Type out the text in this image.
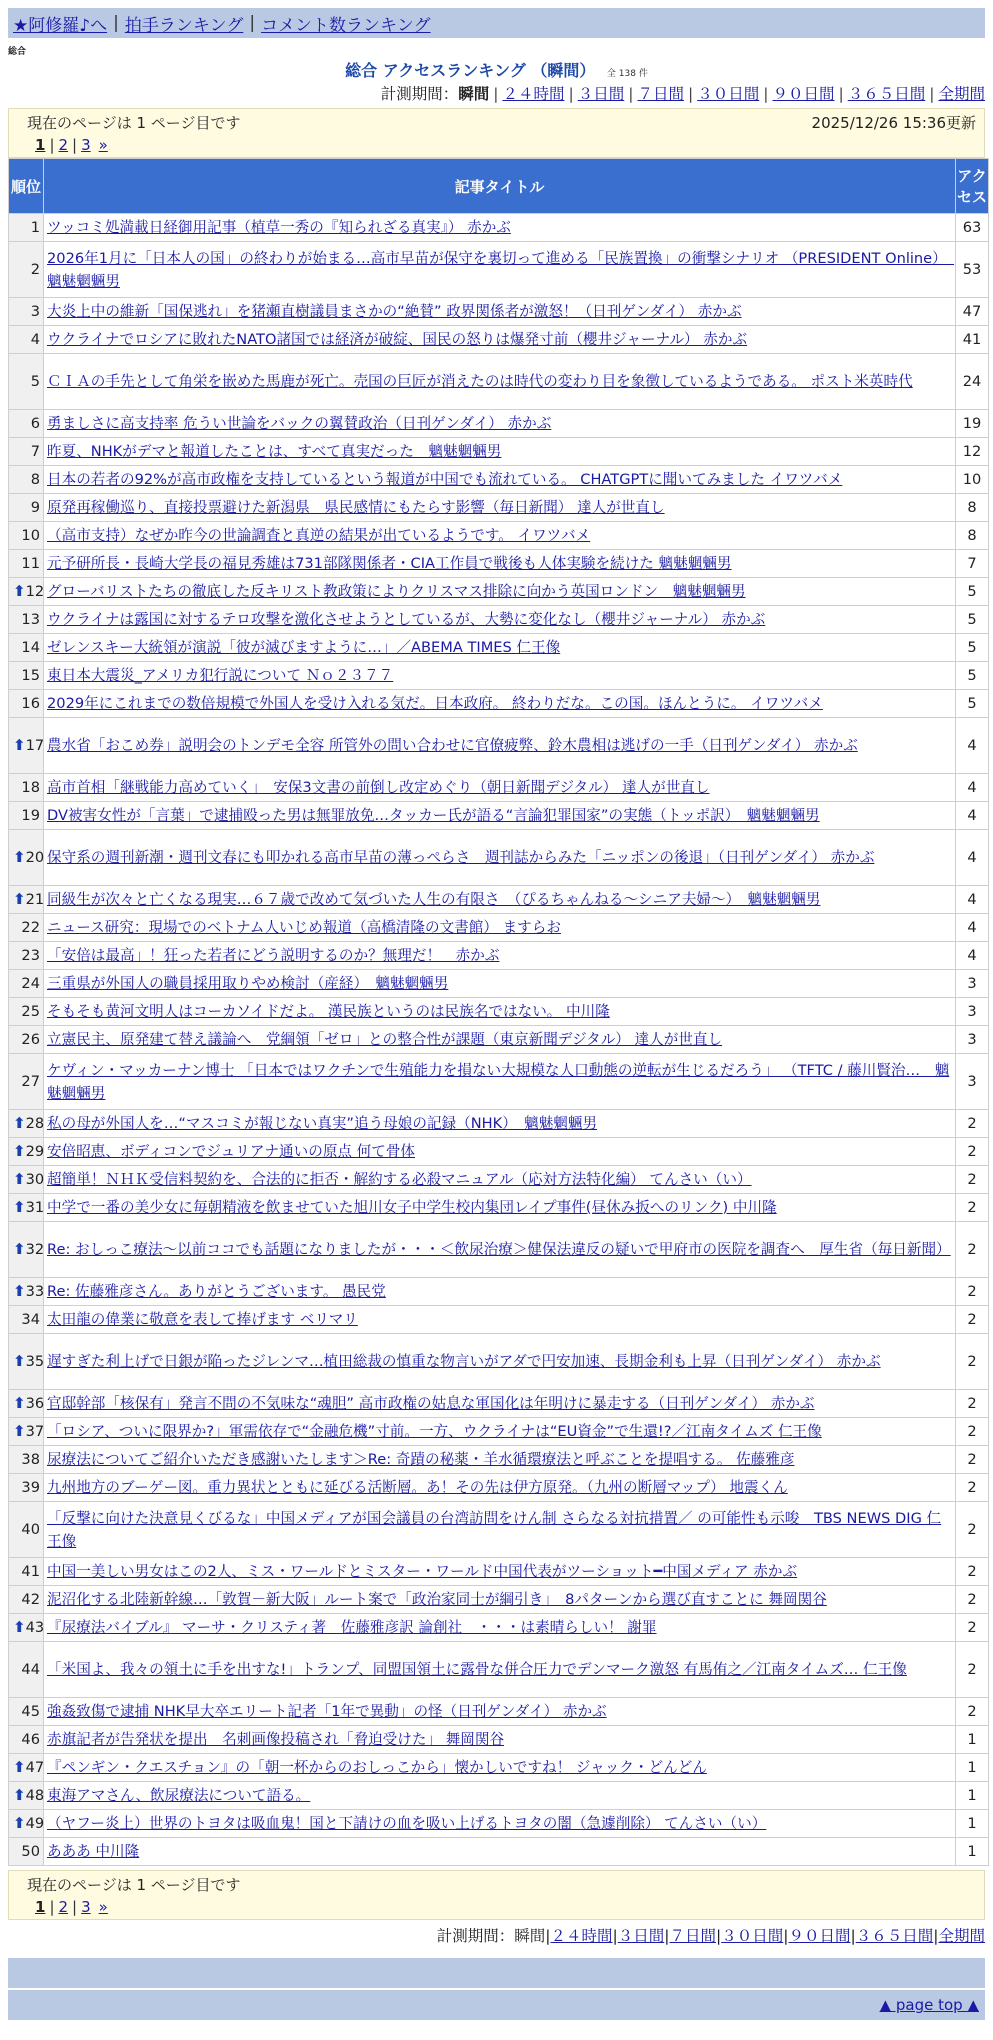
★阿修羅♪へ | 拍手ランキング | コメント数ランキング
総合
総合 アクセスランキング （瞬間） 全 138 件
計測期間：瞬間 | ２４時間 | ３日間 | ７日間 | ３０日間 | ９０日間 | ３６５日間 | 全期間
現在のページは 1 ページ目です	2025/12/26 15:36更新
1 | 2 | 3 »
順位	記事タイトル	アクセス
1	ツッコミ処満載日経御用記事（植草一秀の『知られざる真実』） 赤かぶ	63
2	2026年1月に「日本人の国」の終わりが始まる…高市早苗が保守を裏切って進める「民族置換」の衝撃シナリオ （PRESIDENT Online）　魑魅魍魎男	53
3	大炎上中の維新「国保逃れ」を猪瀬直樹議員まさかの“絶賛” 政界関係者が激怒！（日刊ゲンダイ） 赤かぶ	47
4	ウクライナでロシアに敗れたNATO諸国では経済が破綻、国民の怒りは爆発寸前（櫻井ジャーナル） 赤かぶ	41
5	ＣＩＡの手先として角栄を嵌めた馬鹿が死亡。売国の巨匠が消えたのは時代の変わり目を象徴しているようである。 ポスト米英時代	24
6	勇ましさに高支持率 危うい世論をバックの翼賛政治（日刊ゲンダイ） 赤かぶ	19
7	昨夏、NHKがデマと報道したことは、すべて真実だった　魑魅魍魎男	12
8	日本の若者の92%が高市政権を支持しているという報道が中国でも流れている。 CHATGPTに聞いてみました イワツバメ	10
9	原発再稼働巡り、直接投票避けた新潟県　県民感情にもたらす影響（毎日新聞） 達人が世直し	8
10	（高市支持）なぜか昨今の世論調査と真逆の結果が出ているようです。 イワツバメ	8
11	元予研所長・長崎大学長の福見秀雄は731部隊関係者・CIA工作員で戦後も人体実験を続けた 魑魅魍魎男	7

⬆ 12	グローバリストたちの徹底した反キリスト教政策によりクリスマス排除に向かう英国ロンドン　魑魅魍魎男	5
13	ウクライナは露国に対するテロ攻撃を激化させようとしているが、大勢に変化なし（櫻井ジャーナル） 赤かぶ	5
14	ゼレンスキー大統領が演説「彼が滅びますように…」／ABEMA TIMES 仁王像	5
15	東日本大震災_アメリカ犯行説について Ｎｏ２３７７	5
16	2029年にこれまでの数倍規模で外国人を受け入れる気だ。日本政府。 終わりだな。この国。ほんとうに。 イワツバメ	5

⬆ 17	農水省「おこめ券」説明会のトンデモ全容 所管外の問い合わせに官僚疲弊、鈴木農相は逃げの一手（日刊ゲンダイ） 赤かぶ	4
18	高市首相「継戦能力高めていく」　安保3文書の前倒し改定めぐり（朝日新聞デジタル） 達人が世直し	4
19	DV被害女性が「言葉」で逮捕殴った男は無罪放免…タッカー氏が語る“言論犯罪国家”の実態（トッポ訳）　魑魅魍魎男	4

⬆ 20	保守系の週刊新潮・週刊文春にも叩かれる高市早苗の薄っぺらさ　週刊誌からみた「ニッポンの後退」（日刊ゲンダイ） 赤かぶ	4

⬆ 21	同級生が次々と亡くなる現実…６７歳で改めて気づいた人生の有限さ　（ぴるちゃんねる～シニア夫婦～）　魑魅魍魎男	4
22	ニュース研究：現場でのベトナム人いじめ報道（高橋清隆の文書館） ますらお	4
23	「安倍は最高」！狂った若者にどう説明するのか？無理だ！　赤かぶ	4
24	三重県が外国人の職員採用取りやめ検討（産経）　魑魅魍魎男	3
25	そもそも黄河文明人はコーカソイドだよ。 漢民族というのは民族名ではない。 中川隆	3
26	立憲民主、原発建て替え議論へ　党綱領「ゼロ」との整合性が課題（東京新聞デジタル） 達人が世直し	3
27	ケヴィン・マッカーナン博士 「日本ではワクチンで生殖能力を損ない大規模な人口動態の逆転が生じるだろう」 （TFTC / 藤川賢治…　魑魅魍魎男	3

⬆ 28	私の母が外国人を…“マスコミが報じない真実”追う母娘の記録（NHK）　魑魅魍魎男	2

⬆ 29	安倍昭恵、ボディコンでジュリアナ通いの原点 何て骨体	2

⬆ 30	超簡単！ＮＨＫ受信料契約を、合法的に拒否・解約する必殺マニュアル（応対方法特化編） てんさい（い）	2

⬆ 31	中学で一番の美少女に毎朝精液を飲ませていた旭川女子中学生校内集団レイプ事件(昼休み扳へのリンク) 中川隆	2

⬆ 32	Re: おしっこ療法～以前ココでも話題になりましたが・・・＜飲尿治療＞健保法違反の疑いで甲府市の医院を調査へ　厚生省（毎日新聞）	2

⬆ 33	Re: 佐藤雅彦さん。ありがとうございます。 愚民党	2
34	太田龍の偉業に敬意を表して捧げます ベリマリ	2

⬆ 35	遅すぎた利上げで日銀が陥ったジレンマ…植田総裁の慎重な物言いがアダで円安加速、長期金利も上昇（日刊ゲンダイ） 赤かぶ	2

⬆ 36	官邸幹部「核保有」発言不問の不気味な“魂胆” 高市政権の姑息な軍国化は年明けに暴走する（日刊ゲンダイ） 赤かぶ	2

⬆ 37	「ロシア、ついに限界か?」軍需依存で“金融危機”寸前。一方、ウクライナは“EU資金”で生還!?／江南タイムズ 仁王像	2
38	尿療法についてご紹介いただき感謝いたします＞Re: 奇蹟の秘薬・羊水循環療法と呼ぶことを提唱する。 佐藤雅彦	2
39	九州地方のブーゲー図。重力異状とともに延びる活断層。あ！その先は伊方原発。（九州の断層マップ） 地震くん	2
40	「反撃に向けた決意見くびるな」中国メディアが国会議員の台湾訪問をけん制 さらなる対抗措置／ の可能性も示唆　TBS NEWS DIG 仁王像	2
41	中国一美しい男女はこの2人、ミス・ワールドとミスター・ワールド中国代表がツーショット━中国メディア 赤かぶ	2
42	泥沼化する北陸新幹線…「敦賀－新大阪」ルート案で「政治家同士が綱引き」　8パターンから選び直すことに 舞岡関谷	2

⬆ 43	『尿療法バイブル』 マーサ・クリスティ著　佐藤雅彦訳 論創社　・・・は素晴らしい！ 謝罪	2
44	「米国よ、我々の領土に手を出すな!」トランプ、同盟国領土に露骨な併合圧力でデンマーク激怒 有馬侑之／江南タイムズ… 仁王像	2
45	強姦致傷で逮捕 NHK早大卒エリート記者「1年で異動」の怪（日刊ゲンダイ） 赤かぶ	2
46	赤旗記者が告発状を提出　名刺画像投稿され「脅迫受けた」 舞岡関谷	1

⬆ 47	『ペンギン・クエスチョン』の「朝一杯からのおしっこから」懐かしいですね！ ジャック・どんどん	1

⬆ 48	東海アマさん、飲尿療法について語る。	1

⬆ 49	（ヤフー炎上）世界のトヨタは吸血鬼！国と下請けの血を吸い上げるトヨタの闇（急遽削除） てんさい（い）	1
50	あああ 中川隆	1
現在のページは 1 ページ目です
1 | 2 | 3 »
計測期間：瞬間|２４時間|３日間|７日間|３０日間|９０日間|３６５日間|全期間
▲ page top ▲
